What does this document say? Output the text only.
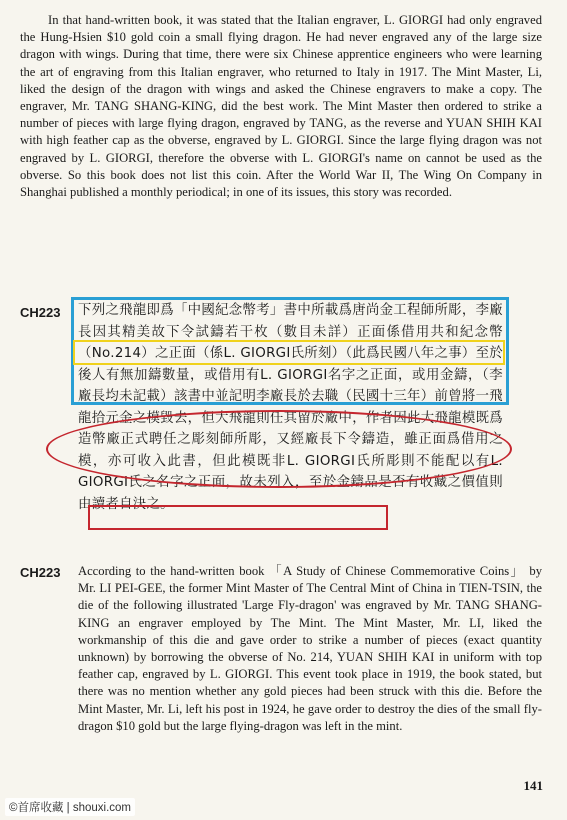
In that hand-written book, it was stated that the Italian engraver, L. GIORGI had only engraved the Hung-Hsien $10 gold coin a small flying dragon. He had never engraved any of the large size dragon with wings. During that time, there were six Chinese apprentice engineers who were learning the art of engraving from this Italian engraver, who returned to Italy in 1917. The Mint Master, Li, liked the design of the dragon with wings and asked the Chinese engravers to make a copy. The engraver, Mr. TANG SHANG-KING, did the best work. The Mint Master then ordered to strike a number of pieces with large flying dragon, engraved by TANG, as the reverse and YUAN SHIH KAI with high feather cap as the obverse, engraved by L. GIORGI. Since the large flying dragon was not engraved by L. GIORGI, therefore the obverse with L. GIORGI's name on cannot be used as the obverse. So this book does not list this coin. After the World War II, The Wing On Company in Shanghai published a monthly periodical; in one of its issues, this story was recorded.

CH223 下列之飛龍即爲「中國紀念幣考」書中所載爲唐尚金工程師所彫，李廠長因其精美故下令試鑄若干枚（數目未詳）正面係借用共和紀念幣（No.214）之正面（係L. GIORGI氏所刻）（此爲民國八年之事）至於後人有無加鑄數量，或借用有L. GIORGI名字之正面，或用金鑄，（李廠長均未記載）該書中並記明李廠長於去職（民國十三年）前曾將一飛龍拾元金之模毀去，但大飛龍則任其留於廠中，作者因此大飛龍模既爲造幣廠正式聘任之彫刻師所彫，又經廠長下令鑄造，雖正面爲借用之模，亦可收入此書，但此模既非L. GIORGI氏所彫則不能配以有L. GIORGI氏之名字之正面，故未列入，至於金鑄品是否有收藏之價值則由讀者自決之。

CH223 According to the hand-written book 「A Study of Chinese Commemorative Coins」 by Mr. LI PEI-GEE, the former Mint Master of The Central Mint of China in TIEN-TSIN, the die of the following illustrated 'Large Fly-dragon' was engraved by Mr. TANG SHANG-KING an engraver employed by The Mint. The Mint Master, Mr. LI, liked the workmanship of this die and gave order to strike a number of pieces (exact quantity unknown) by borrowing the obverse of No. 214, YUAN SHIH KAI in uniform with top feather cap, engraved by L. GIORGI. This event took place in 1919, the book stated, but there was no mention whether any gold pieces had been struck with this die. Before the Mint Master, Mr. Li, left his post in 1924, he gave order to destroy the dies of the small fly-dragon $10 gold but the large flying-dragon was left in the mint.

141
©首席收藏 | shouxi.com
